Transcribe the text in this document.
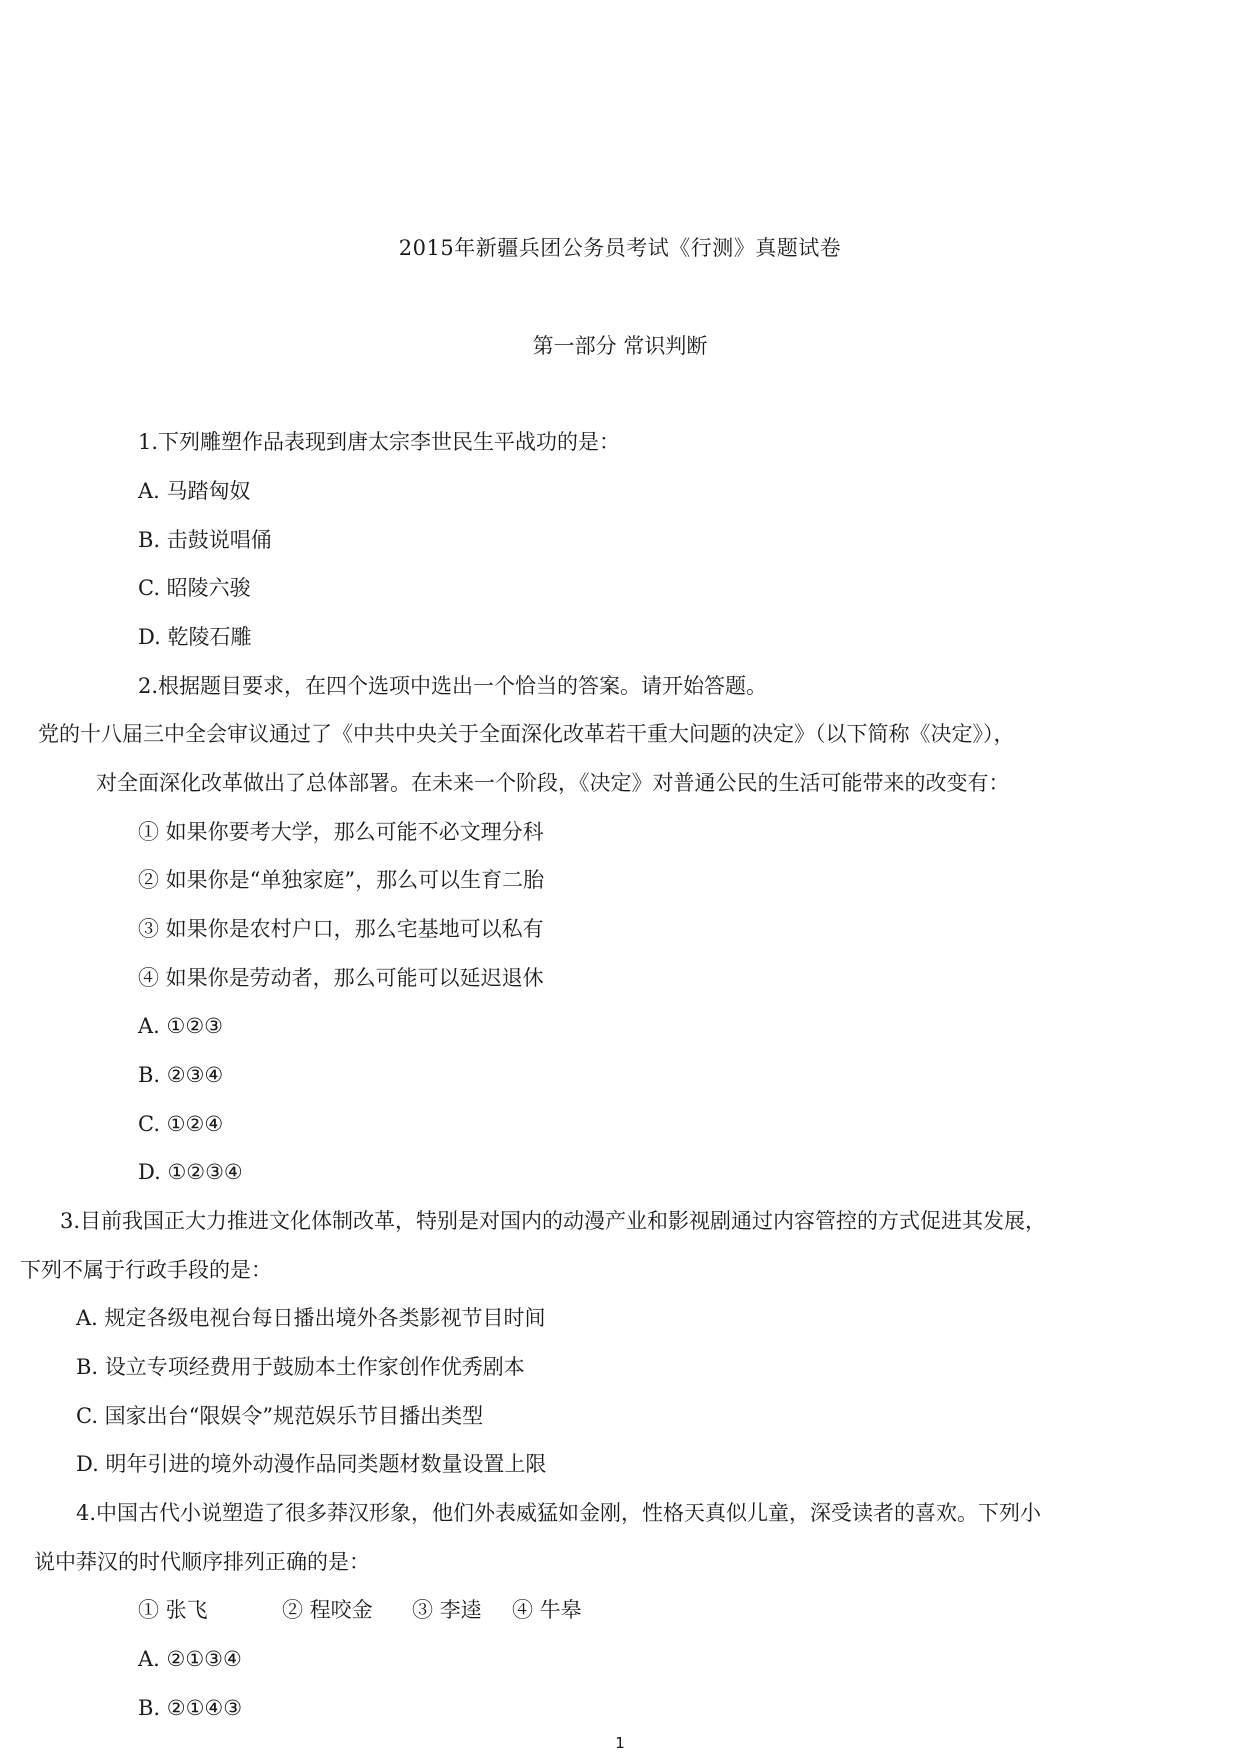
2015年新疆兵团公务员考试《行测》真题试卷
第一部分 常识判断
1.下列雕塑作品表现到唐太宗李世民生平战功的是：
A. 马踏匈奴
B. 击鼓说唱俑
C. 昭陵六骏
D. 乾陵石雕
2.根据题目要求，在四个选项中选出一个恰当的答案。请开始答题。
党的十八届三中全会审议通过了《中共中央关于全面深化改革若干重大问题的决定》（以下简称《决定》），
对全面深化改革做出了总体部署。在未来一个阶段，《决定》对普通公民的生活可能带来的改变有：
① 如果你要考大学，那么可能不必文理分科
② 如果你是“单独家庭”，那么可以生育二胎
③ 如果你是农村户口，那么宅基地可以私有
④ 如果你是劳动者，那么可能可以延迟退休
A. ①②③
B. ②③④
C. ①②④
D. ①②③④
3.目前我国正大力推进文化体制改革，特别是对国内的动漫产业和影视剧通过内容管控的方式促进其发展，
下列不属于行政手段的是：
A. 规定各级电视台每日播出境外各类影视节目时间
B. 设立专项经费用于鼓励本土作家创作优秀剧本
C. 国家出台“限娱令”规范娱乐节目播出类型
D. 明年引进的境外动漫作品同类题材数量设置上限
4.中国古代小说塑造了很多莽汉形象，他们外表威猛如金刚，性格天真似儿童，深受读者的喜欢。下列小
说中莽汉的时代顺序排列正确的是：
① 张飞	② 程咬金 ③ 李逵 ④ 牛皋
A. ②①③④
B. ②①④③
1
